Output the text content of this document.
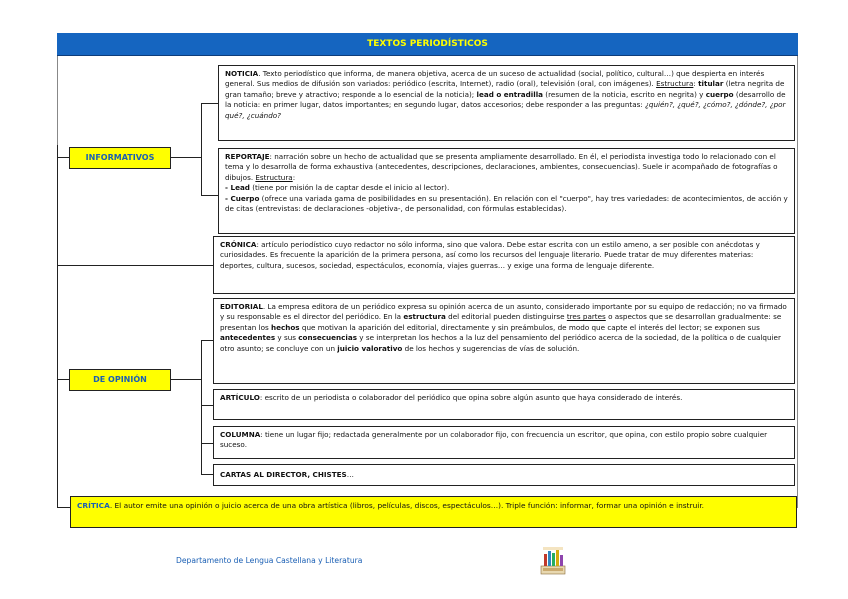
TEXTOS PERIODÍSTICOS
INFORMATIVOS
DE OPINIÓN
NOTICIA. Texto periodístico que informa, de manera objetiva, acerca de un suceso de actualidad (social, político, cultural…) que despierta en interés general. Sus medios de difusión son variados: periódico (escrita, Internet), radio (oral), televisión (oral, con imágenes). Estructura: titular (letra negrita de gran tamaño; breve y atractivo; responde a lo esencial de la noticia); lead o entradilla (resumen de la noticia, escrito en negrita) y cuerpo (desarrollo de la noticia: en primer lugar, datos importantes; en segundo lugar, datos accesorios; debe responder a las preguntas: ¿quién?, ¿qué?, ¿cómo?, ¿dónde?, ¿por qué?, ¿cuándo?
REPORTAJE: narración sobre un hecho de actualidad que se presenta ampliamente desarrollado. En él, el periodista investiga todo lo relacionado con el tema y lo desarrolla de forma exhaustiva (antecedentes, descripciones, declaraciones, ambientes, consecuencias). Suele ir acompañado de fotografías o dibujos. Estructura:
- Lead (tiene por misión la de captar desde el inicio al lector).
- Cuerpo (ofrece una variada gama de posibilidades en su presentación). En relación con el "cuerpo", hay tres variedades: de acontecimientos, de acción y de citas (entrevistas: de declaraciones -objetiva-, de personalidad, con fórmulas establecidas).
CRÓNICA: artículo periodístico cuyo redactor no sólo informa, sino que valora. Debe estar escrita con un estilo ameno, a ser posible con anécdotas y curiosidades. Es frecuente la aparición de la primera persona, así como los recursos del lenguaje literario. Puede tratar de muy diferentes materias: deportes, cultura, sucesos, sociedad, espectáculos, economía, viajes guerras… y exige una forma de lenguaje diferente.
EDITORIAL. La empresa editora de un periódico expresa su opinión acerca de un asunto, considerado importante por su equipo de redacción; no va firmado y su responsable es el director del periódico. En la estructura del editorial pueden distinguirse tres partes o aspectos que se desarrollan gradualmente: se presentan los hechos que motivan la aparición del editorial, directamente y sin preámbulos, de modo que capte el interés del lector; se exponen sus antecedentes y sus consecuencias y se interpretan los hechos a la luz del pensamiento del periódico acerca de la sociedad, de la política o de cualquier otro asunto; se concluye con un juicio valorativo de los hechos y sugerencias de vías de solución.
ARTÍCULO: escrito de un periodista o colaborador del periódico que opina sobre algún asunto que haya considerado de interés.
COLUMNA: tiene un lugar fijo; redactada generalmente por un colaborador fijo, con frecuencia un escritor, que opina, con estilo propio sobre cualquier suceso.
CARTAS AL DIRECTOR, CHISTES…
CRÍTICA. El autor emite una opinión o juicio acerca de una obra artística (libros, películas, discos, espectáculos…). Triple función: informar, formar una opinión e instruir.
Departamento de Lengua Castellana y Literatura
